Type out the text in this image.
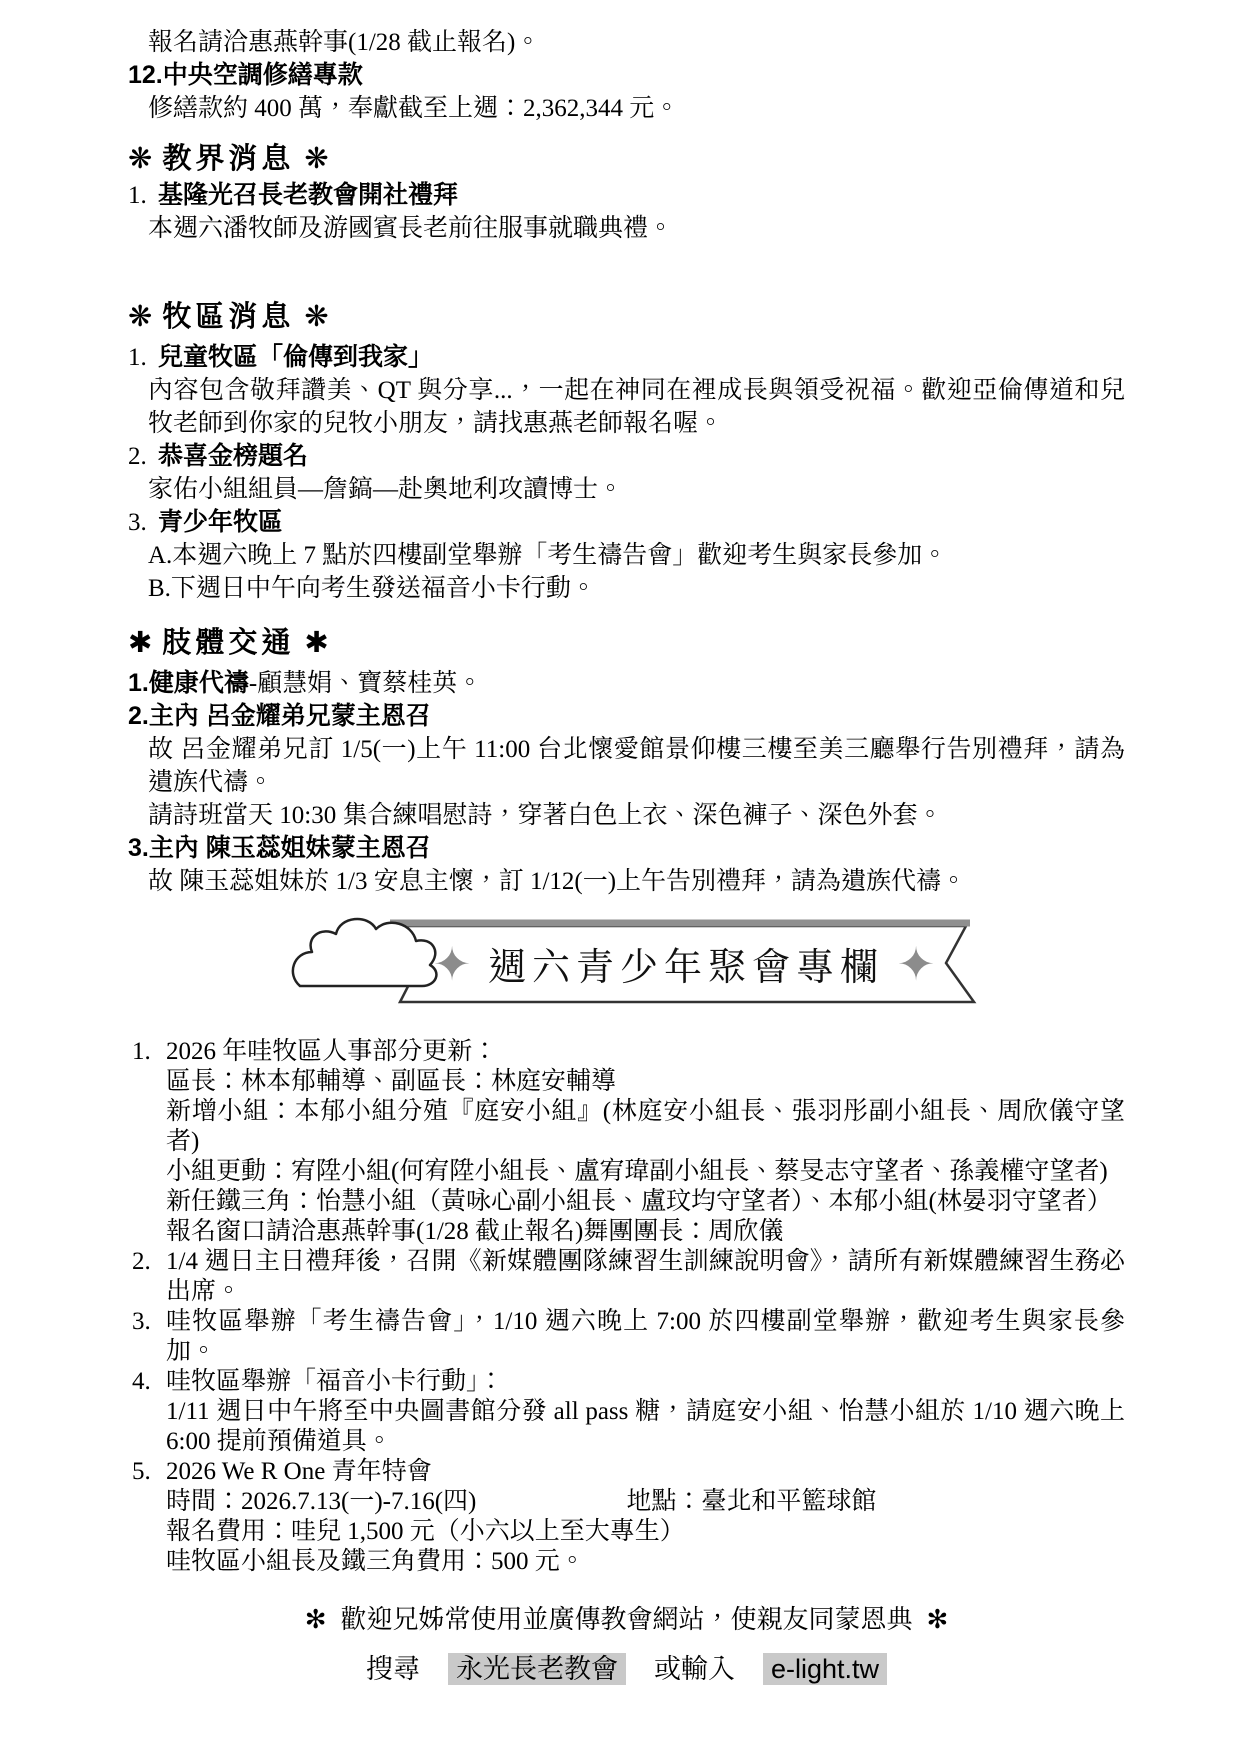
報名請洽惠燕幹事(1/28 截止報名)。
12.中央空調修繕專款
修繕款約 400 萬，奉獻截至上週：2,362,344 元。
❋ 教界消息 ❋
1. 基隆光召長老教會開社禮拜
本週六潘牧師及游國賓長老前往服事就職典禮。
❋ 牧區消息 ❋
1. 兒童牧區「倫傳到我家」
內容包含敬拜讚美、QT 與分享...，一起在神同在裡成長與領受祝福。歡迎亞倫傳道和兒牧老師到你家的兒牧小朋友，請找惠燕老師報名喔。
2. 恭喜金榜題名
家佑小組組員—詹鎬—赴奧地利攻讀博士。
3. 青少年牧區
A.本週六晚上 7 點於四樓副堂舉辦「考生禱告會」歡迎考生與家長參加。
B.下週日中午向考生發送福音小卡行動。
✱ 肢體交通 ✱
1.健康代禱-顧慧娟、寶蔡桂英。
2.主內 呂金耀弟兄蒙主恩召
故 呂金耀弟兄訂 1/5(一)上午 11:00 台北懷愛館景仰樓三樓至美三廳舉行告別禮拜，請為遺族代禱。
請詩班當天 10:30 集合練唱慰詩，穿著白色上衣、深色褲子、深色外套。
3.主內 陳玉蕊姐妹蒙主恩召
故 陳玉蕊姐妹於 1/3 安息主懷，訂 1/12(一)上午告別禮拜，請為遺族代禱。
✦ 週六青少年聚會專欄 ✦
1. 2026 年哇牧區人事部分更新：
區長：林本郁輔導、副區長：林庭安輔導
新增小組：本郁小組分殖『庭安小組』(林庭安小組長、張羽彤副小組長、周欣儀守望者)
小組更動：宥陞小組(何宥陞小組長、盧宥瑋副小組長、蔡旻志守望者、孫義權守望者)
新任鐵三角：怡慧小組（黃咏心副小組長、盧玟均守望者）、本郁小組(林晏羽守望者）
報名窗口請洽惠燕幹事(1/28 截止報名)舞團團長：周欣儀
2. 1/4 週日主日禮拜後，召開《新媒體團隊練習生訓練說明會》，請所有新媒體練習生務必出席。
3. 哇牧區舉辦「考生禱告會」，1/10 週六晚上 7:00 於四樓副堂舉辦，歡迎考生與家長參加。
4. 哇牧區舉辦「福音小卡行動」：
1/11 週日中午將至中央圖書館分發 all pass 糖，請庭安小組、怡慧小組於 1/10 週六晚上 6:00 提前預備道具。
5. 2026 We R One 青年特會
時間：2026.7.13(一)-7.16(四)	地點：臺北和平籃球館
報名費用：哇兒 1,500 元（小六以上至大專生）
哇牧區小組長及鐵三角費用：500 元。
✻ 歡迎兄姊常使用並廣傳教會網站，使親友同蒙恩典 ✻
搜尋 永光長老教會 或輸入 e-light.tw
